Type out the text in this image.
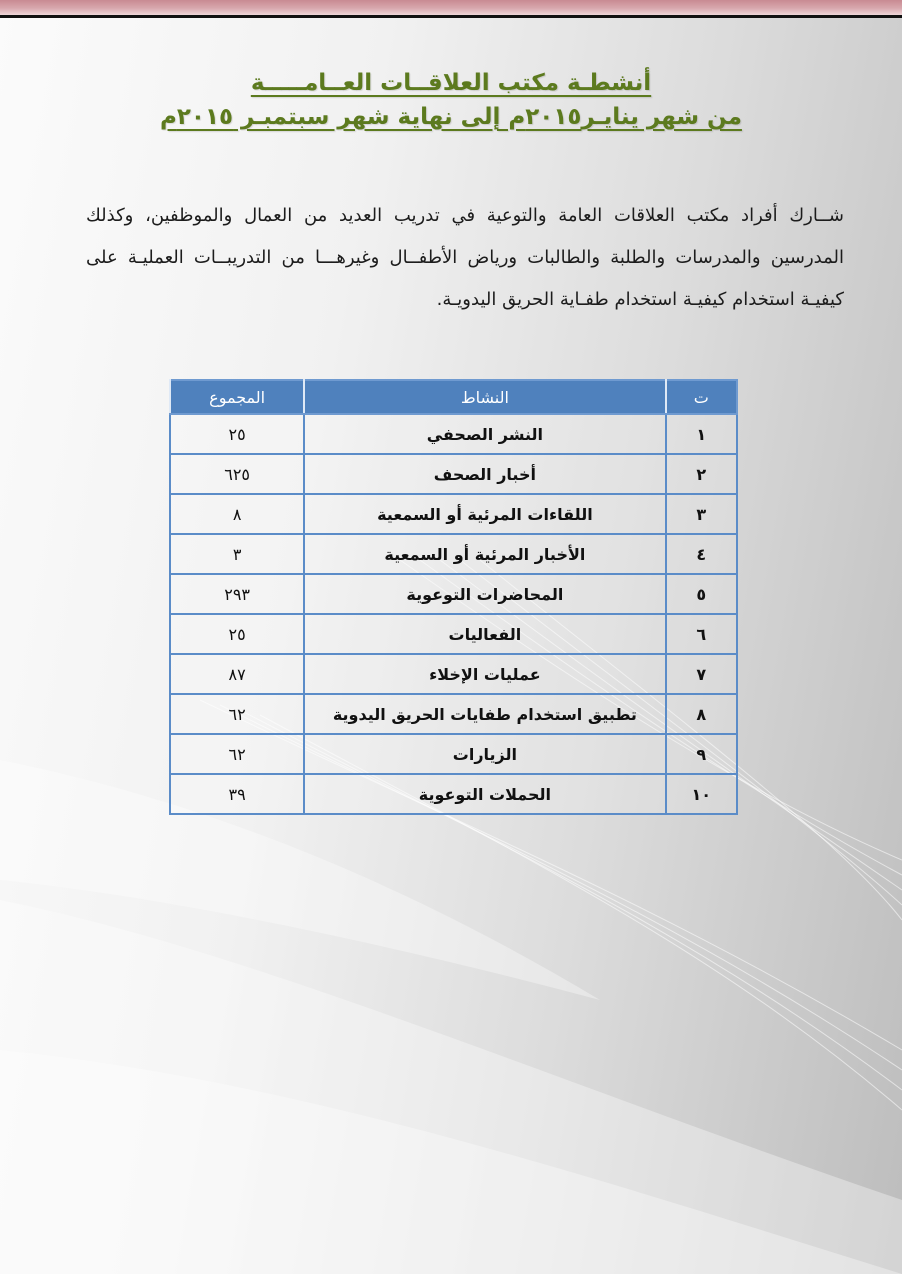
أنشطـة مكتب العلاقــات العــامـــــة
من شهر ينايـر٢٠١٥م إلى نهاية شهر سبتمبـر ٢٠١٥م
شــارك أفراد مكتب العلاقات العامة والتوعية في تدريب العديد من العمال والموظفين، وكذلك المدرسين والمدرسات والطلبة والطالبات ورياض الأطفــال وغيرهـــا من التدريبــات العمليـة على كيفيـة استخدام كيفيـة استخدام طفـاية الحريق اليدويـة.
ت	النشاط	المجموع
١	النشر الصحفي	٢٥
٢	أخبار الصحف	٦٢٥
٣	اللقاءات المرئية أو السمعية	٨
٤	الأخبار المرئية أو السمعية	٣
٥	المحاضرات التوعوية	٢٩٣
٦	الفعاليات	٢٥
٧	عمليات الإخلاء	٨٧
٨	تطبيق استخدام طفايات الحريق اليدوية	٦٢
٩	الزيارات	٦٢
١٠	الحملات التوعوية	٣٩
